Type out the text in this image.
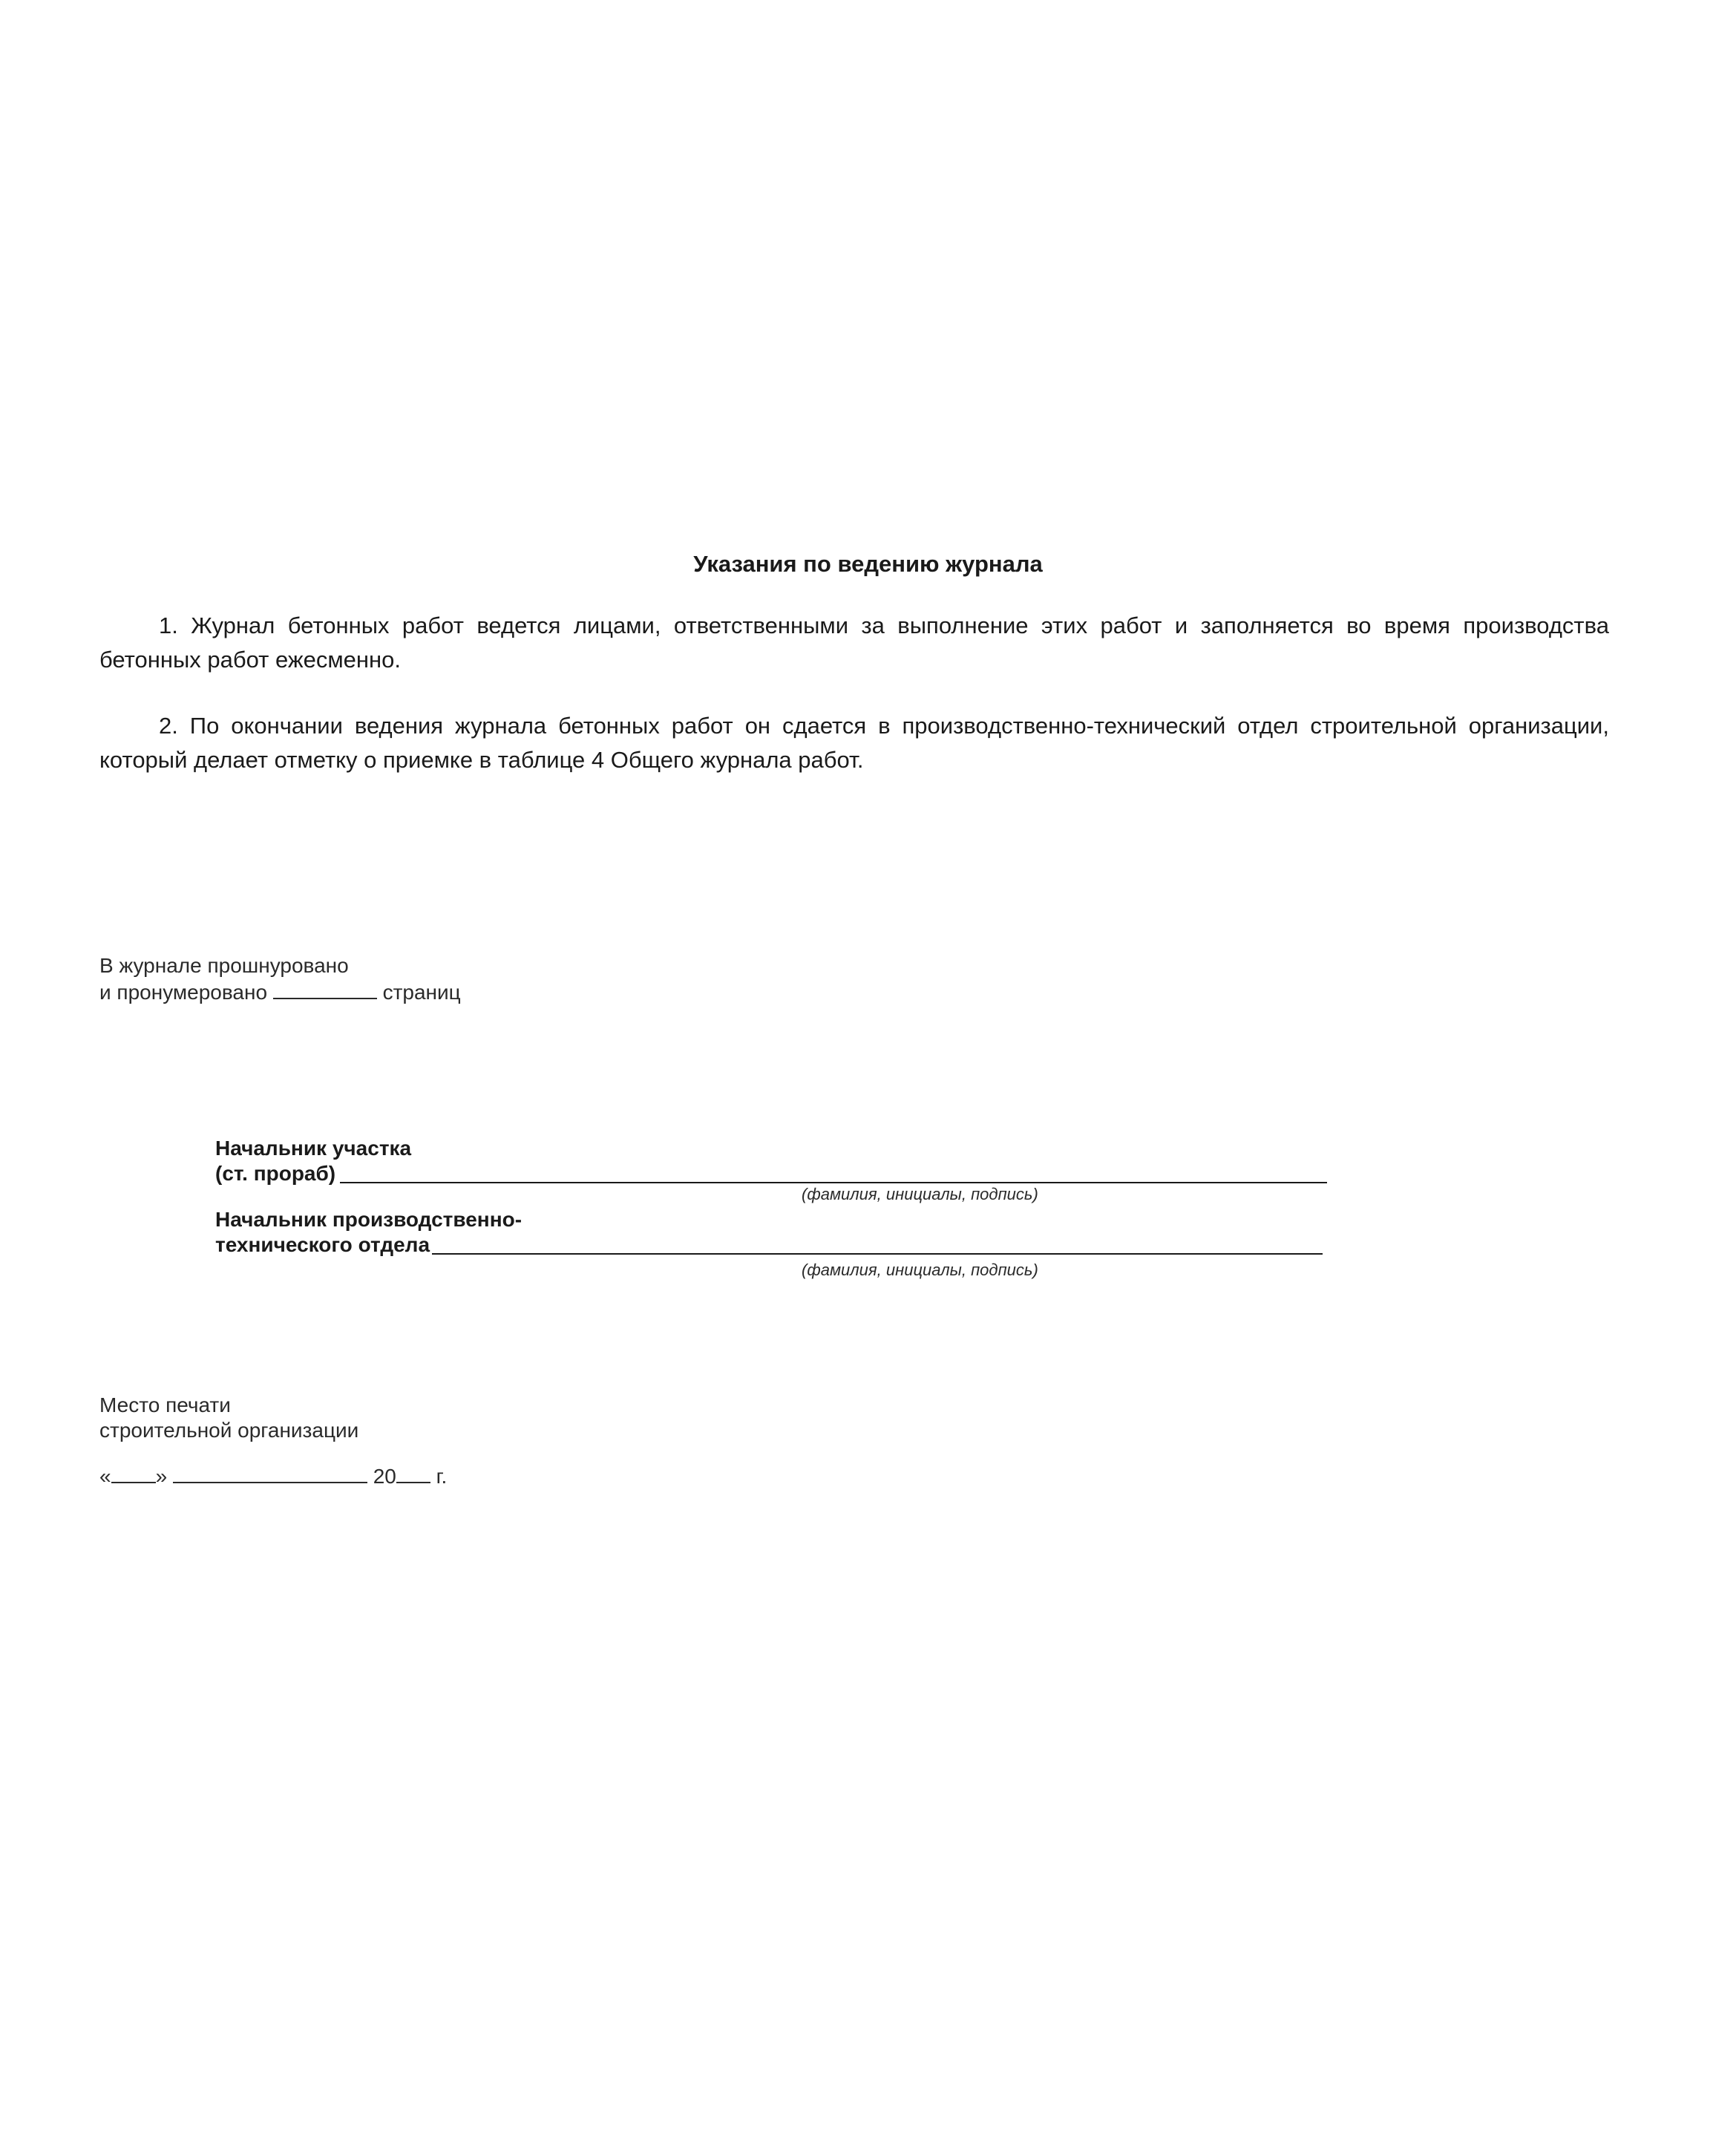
Указания по ведению журнала

1. Журнал бетонных работ ведется лицами, ответственными за выполнение этих работ и заполняется во время производства бетонных работ ежесменно.

2. По окончании ведения журнала бетонных работ он сдается в производственно-технический отдел строительной организации, который делает отметку о приемке в таблице 4 Общего журнала работ.

В журнале прошнуровано
и пронумеровано	страниц
Начальник участка
(ст. прораб)
(фамилия, инициалы, подпись)
Начальник производственно-
технического отдела
(фамилия, инициалы, подпись)
Место печати
строительной организации
« »	20 г.
